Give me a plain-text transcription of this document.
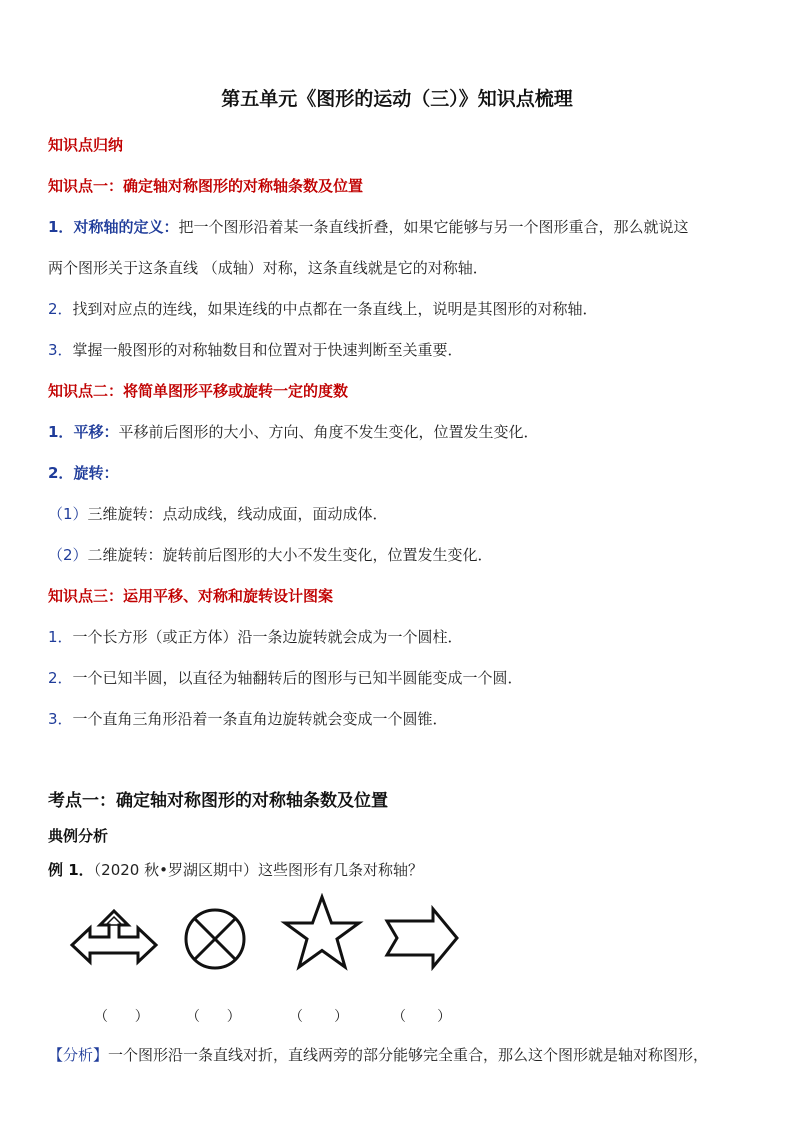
第五单元《图形的运动（三）》知识点梳理
知识点归纳
知识点一：确定轴对称图形的对称轴条数及位置
1．对称轴的定义：把一个图形沿着某一条直线折叠，如果它能够与另一个图形重合，那么就说这
两个图形关于这条直线 （成轴）对称，这条直线就是它的对称轴．
2．找到对应点的连线，如果连线的中点都在一条直线上，说明是其图形的对称轴．
3．掌握一般图形的对称轴数目和位置对于快速判断至关重要．
知识点二：将简单图形平移或旋转一定的度数
1．平移：平移前后图形的大小、方向、角度不发生变化，位置发生变化．
2．旋转：
（1）三维旋转：点动成线，线动成面，面动成体．
（2）二维旋转：旋转前后图形的大小不发生变化，位置发生变化．
知识点三：运用平移、对称和旋转设计图案
1．一个长方形（或正方体）沿一条边旋转就会成为一个圆柱．
2．一个已知半圆，以直径为轴翻转后的图形与已知半圆能变成一个圆．
3．一个直角三角形沿着一条直角边旋转就会变成一个圆锥．
考点一：确定轴对称图形的对称轴条数及位置
典例分析
例 1．（2020 秋•罗湖区期中）这些图形有几条对称轴？
（      ）	（      ）	（       ）	（       ）
【分析】一个图形沿一条直线对折，直线两旁的部分能够完全重合，那么这个图形就是轴对称图形，
